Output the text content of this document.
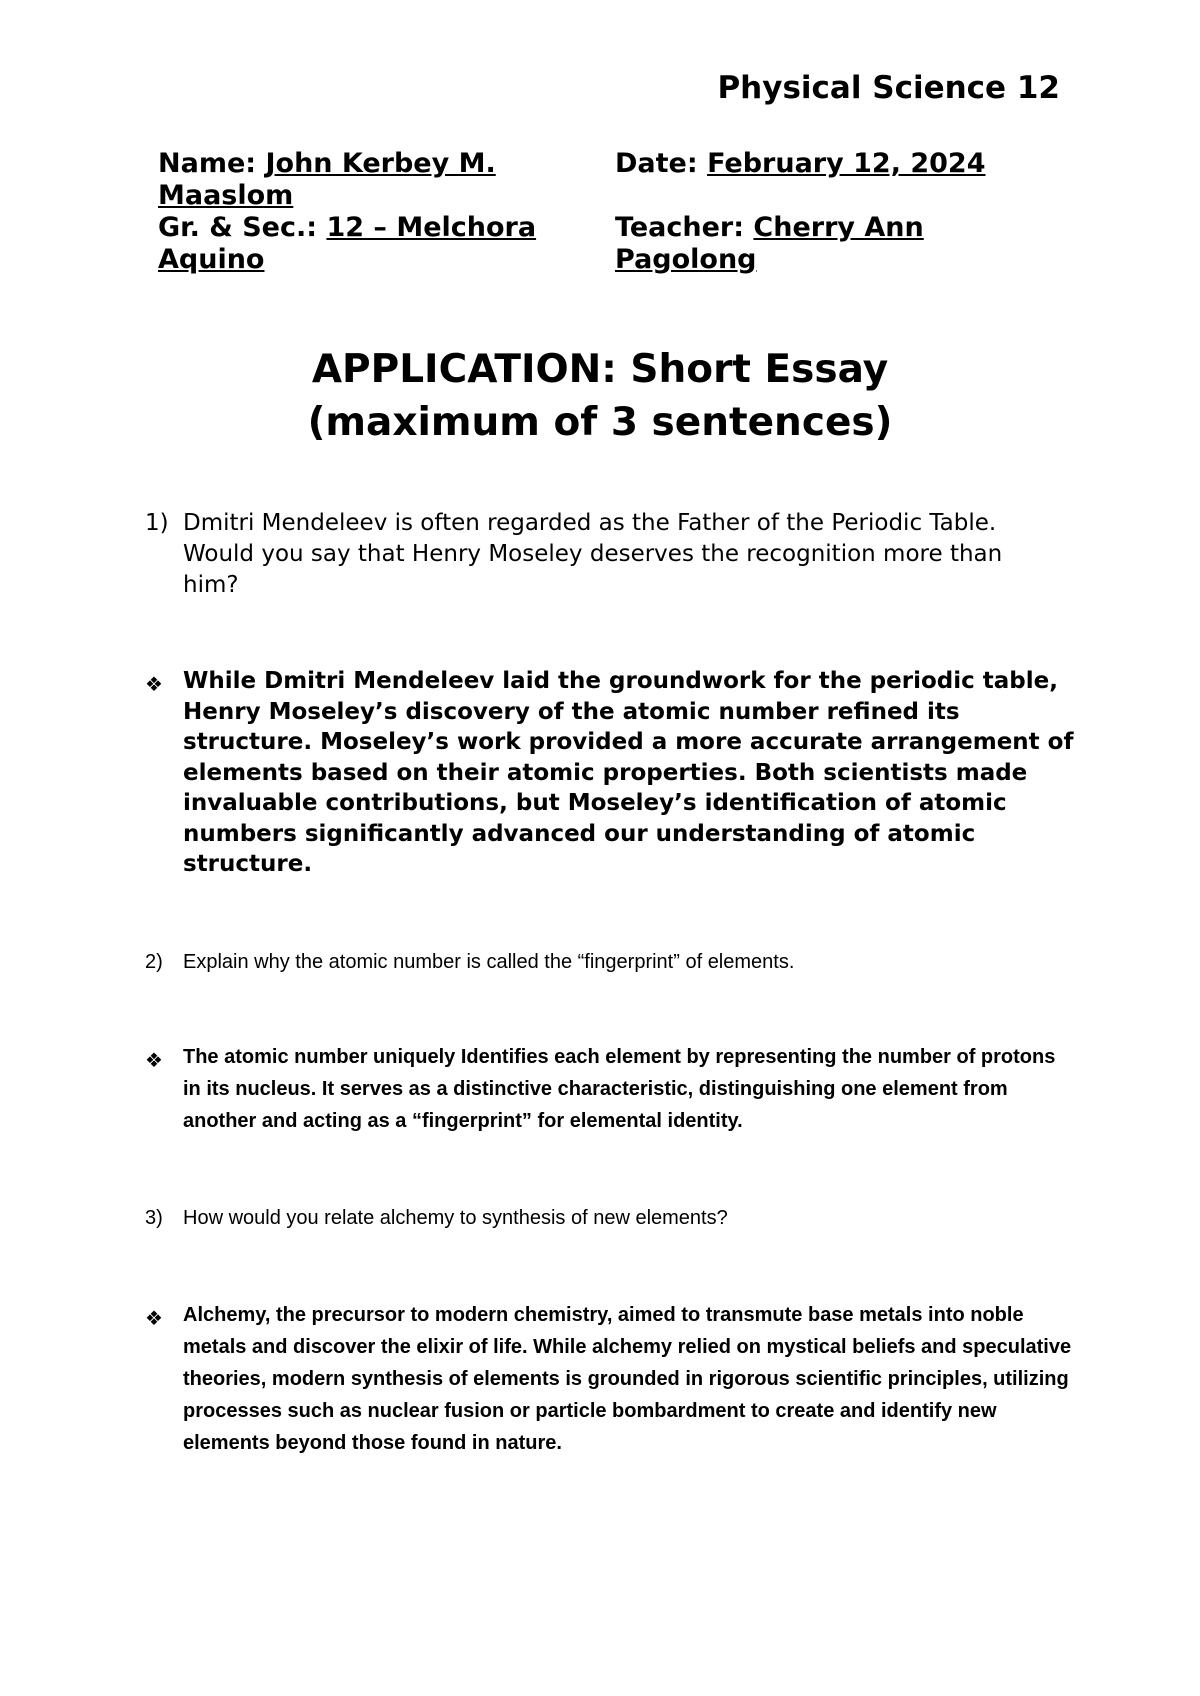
Physical Science 12

Name: John Kerbey M.
Maaslom

Gr. & Sec.: 12 – Melchora
Aquino

Date: February 12, 2024

Teacher: Cherry Ann
Pagolong

APPLICATION: Short Essay
(maximum of 3 sentences)
1) Dmitri Mendeleev is often regarded as the Father of the Periodic Table. Would you say that Henry Moseley deserves the recognition more than him?
❖ While Dmitri Mendeleev laid the groundwork for the periodic table, Henry Moseley’s discovery of the atomic number refined its structure. Moseley’s work provided a more accurate arrangement of elements based on their atomic properties. Both scientists made invaluable contributions, but Moseley’s identification of atomic numbers significantly advanced our understanding of atomic structure.
2)	Explain why the atomic number is called the “fingerprint” of elements.
❖	The atomic number uniquely Identifies each element by representing the number of protons in its nucleus. It serves as a distinctive characteristic, distinguishing one element from another and acting as a “fingerprint” for elemental identity.
3)	How would you relate alchemy to synthesis of new elements?
❖	Alchemy, the precursor to modern chemistry, aimed to transmute base metals into noble metals and discover the elixir of life. While alchemy relied on mystical beliefs and speculative theories, modern synthesis of elements is grounded in rigorous scientific principles, utilizing processes such as nuclear fusion or particle bombardment to create and identify new elements beyond those found in nature.
